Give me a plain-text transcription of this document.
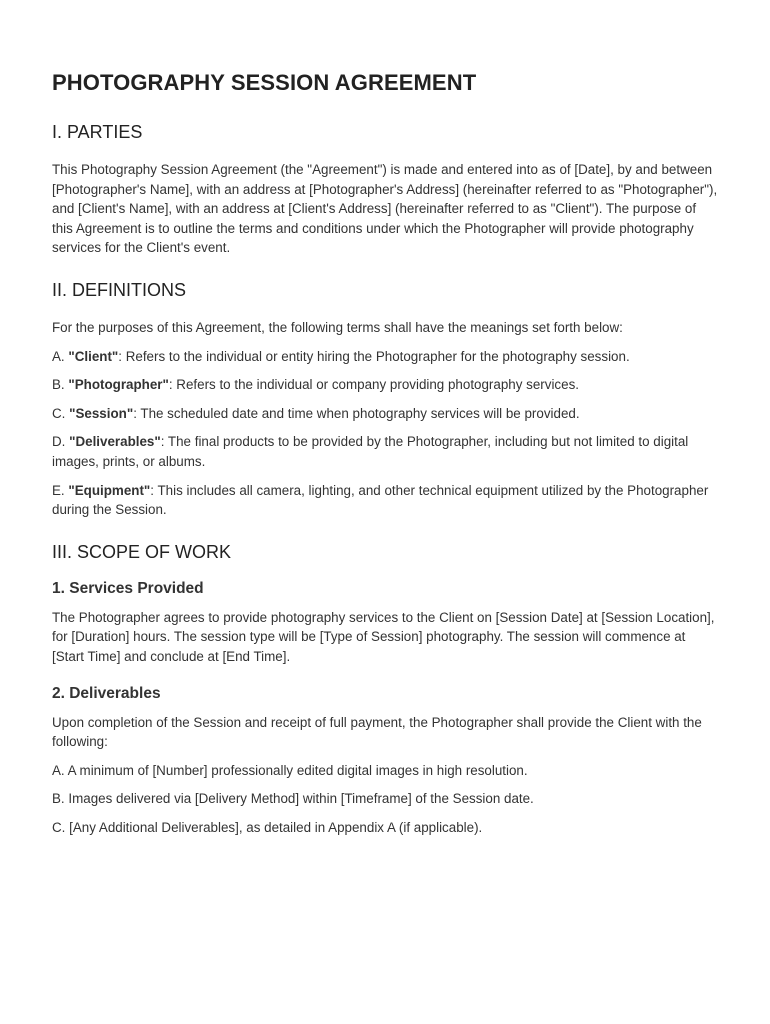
PHOTOGRAPHY SESSION AGREEMENT
I. PARTIES

This Photography Session Agreement (the "Agreement") is made and entered into as of [Date], by and between [Photographer's Name], with an address at [Photographer's Address] (hereinafter referred to as "Photographer"), and [Client's Name], with an address at [Client's Address] (hereinafter referred to as "Client"). The purpose of this Agreement is to outline the terms and conditions under which the Photographer will provide photography services for the Client's event.

II. DEFINITIONS

For the purposes of this Agreement, the following terms shall have the meanings set forth below:

A. "Client": Refers to the individual or entity hiring the Photographer for the photography session.

B. "Photographer": Refers to the individual or company providing photography services.

C. "Session": The scheduled date and time when photography services will be provided.

D. "Deliverables": The final products to be provided by the Photographer, including but not limited to digital images, prints, or albums.

E. "Equipment": This includes all camera, lighting, and other technical equipment utilized by the Photographer during the Session.

III. SCOPE OF WORK
1. Services Provided

The Photographer agrees to provide photography services to the Client on [Session Date] at [Session Location], for [Duration] hours. The session type will be [Type of Session] photography. The session will commence at [Start Time] and conclude at [End Time].

2. Deliverables

Upon completion of the Session and receipt of full payment, the Photographer shall provide the Client with the following:

A. A minimum of [Number] professionally edited digital images in high resolution.

B. Images delivered via [Delivery Method] within [Timeframe] of the Session date.

C. [Any Additional Deliverables], as detailed in Appendix A (if applicable).
